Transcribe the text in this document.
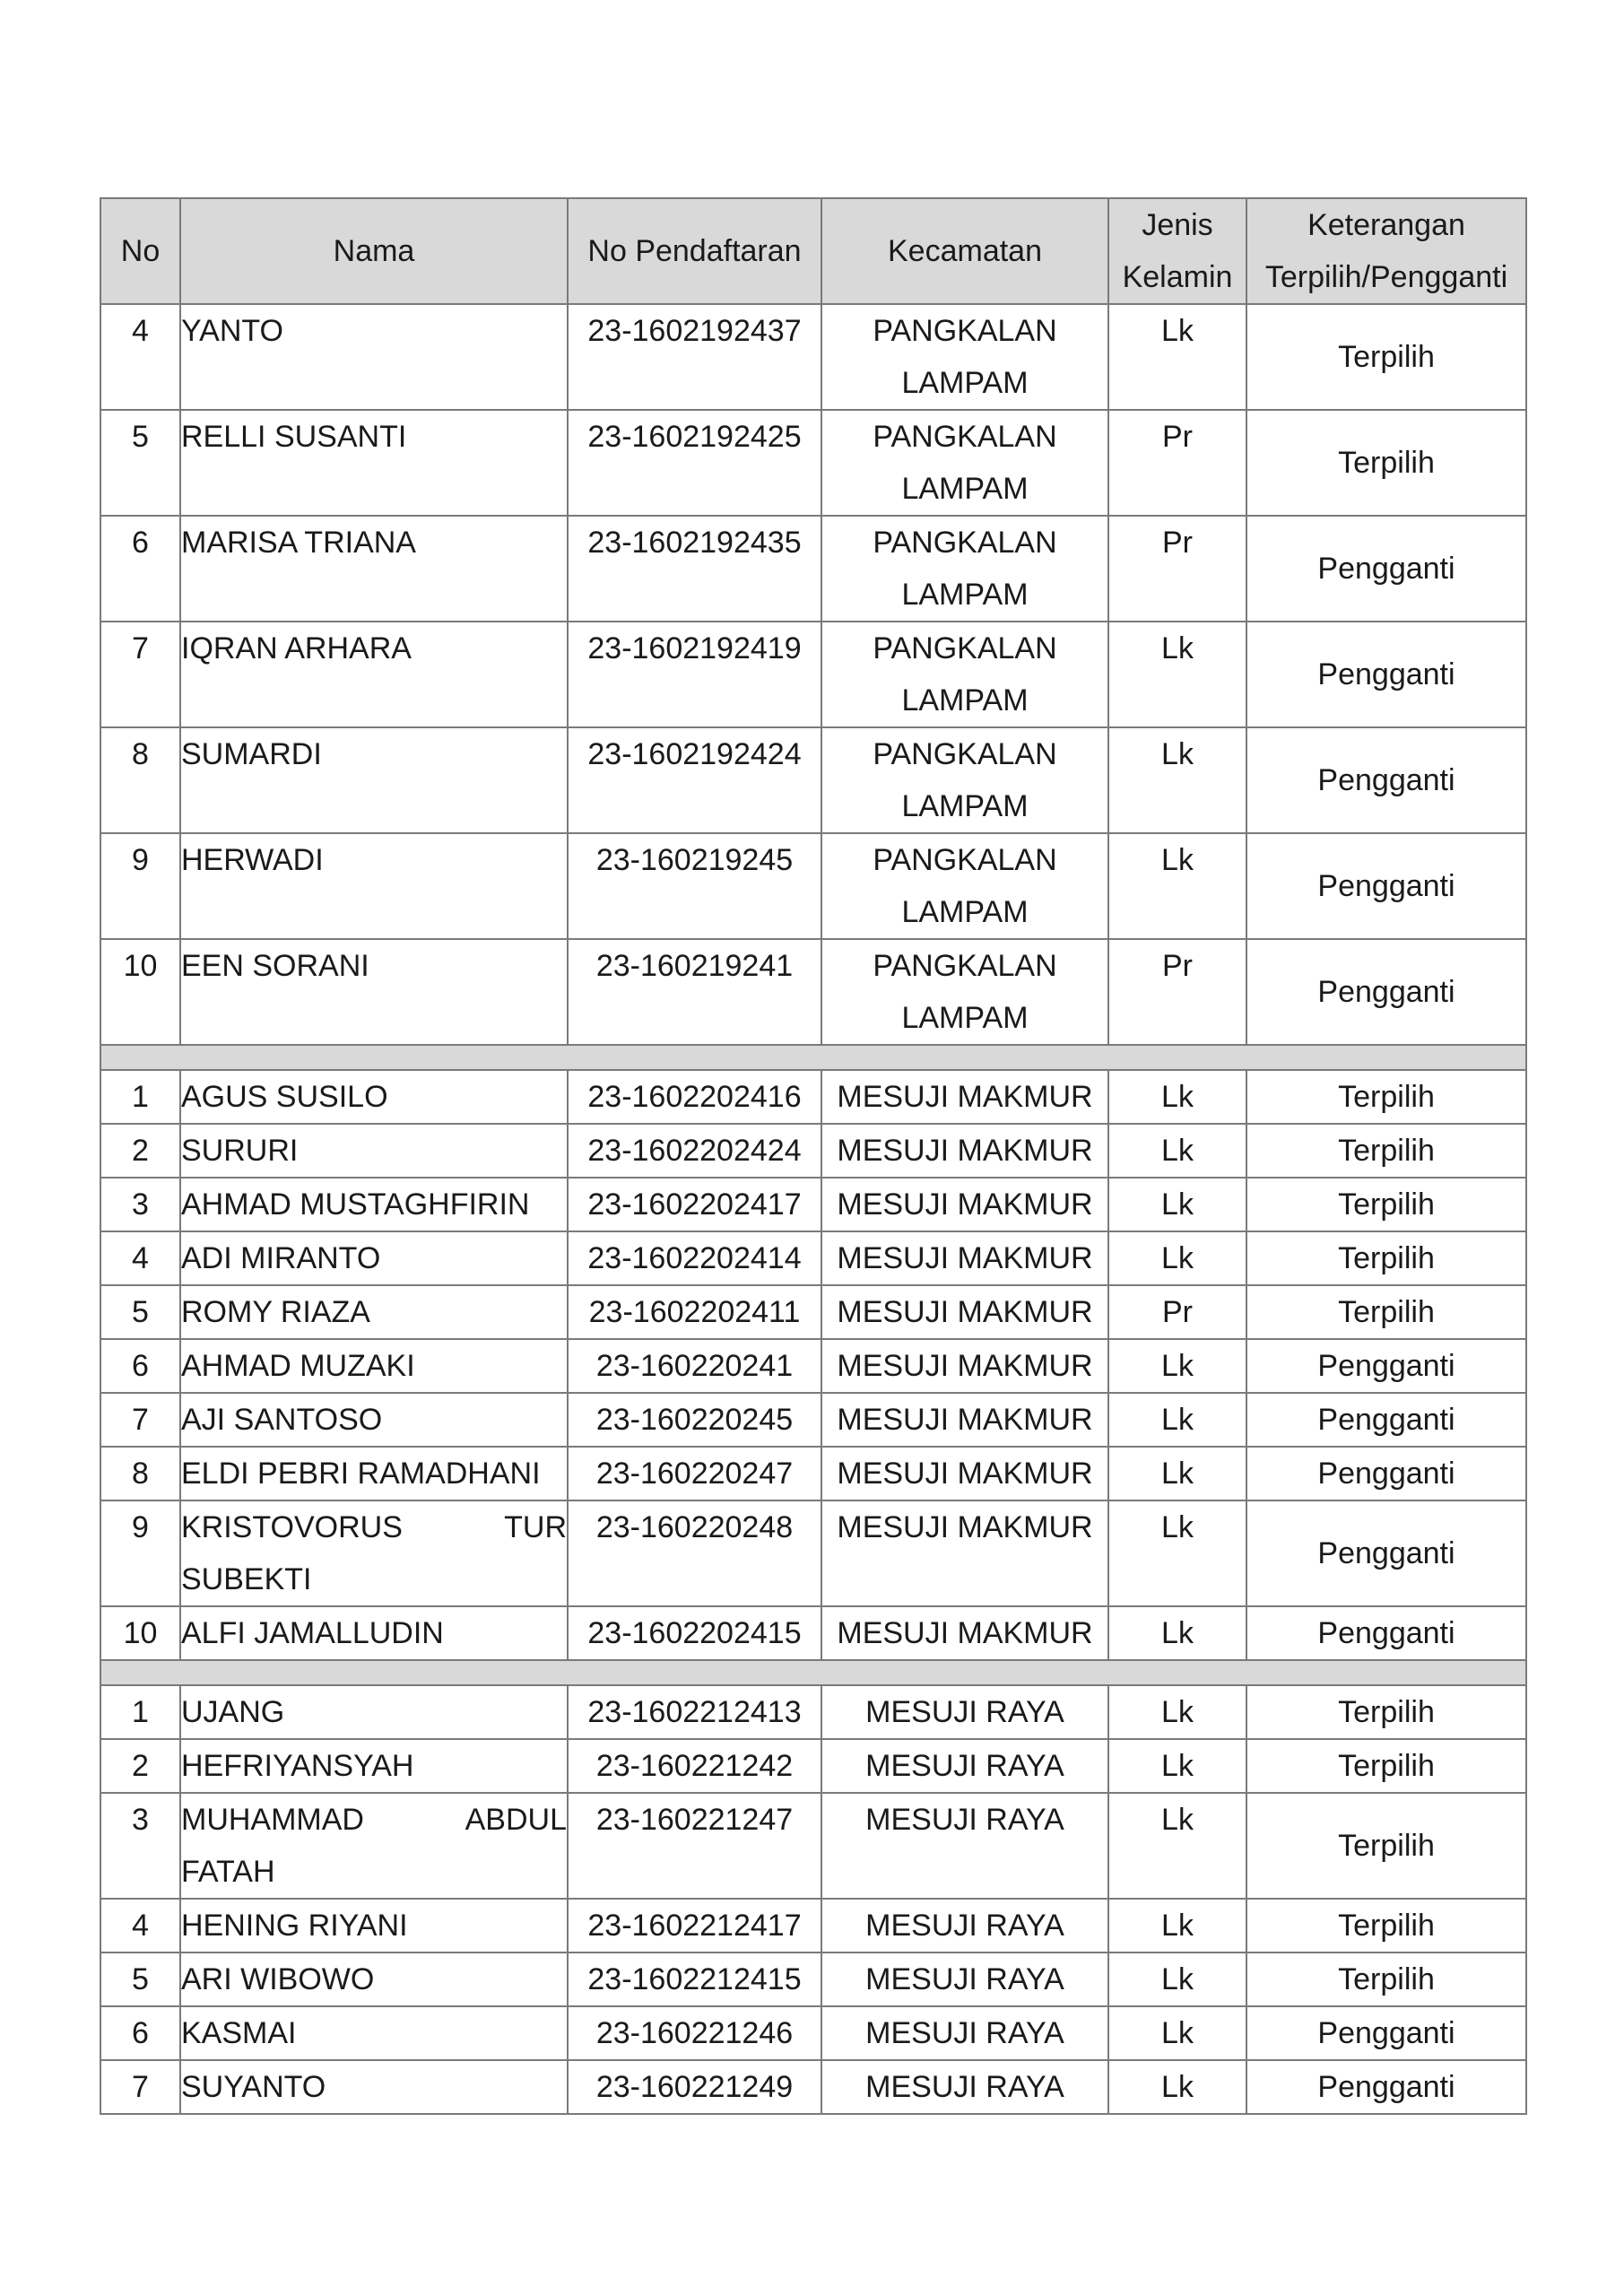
No	Nama	No Pendaftaran	Kecamatan	Jenis Kelamin	Keterangan Terpilih/Pengganti
4	YANTO	23-1602192437	PANGKALAN LAMPAM	Lk	Terpilih
5	RELLI SUSANTI	23-1602192425	PANGKALAN LAMPAM	Pr	Terpilih
6	MARISA TRIANA	23-1602192435	PANGKALAN LAMPAM	Pr	Pengganti
7	IQRAN ARHARA	23-1602192419	PANGKALAN LAMPAM	Lk	Pengganti
8	SUMARDI	23-1602192424	PANGKALAN LAMPAM	Lk	Pengganti
9	HERWADI	23-160219245	PANGKALAN LAMPAM	Lk	Pengganti
10	EEN SORANI	23-160219241	PANGKALAN LAMPAM	Pr	Pengganti

1	AGUS SUSILO	23-1602202416	MESUJI MAKMUR	Lk	Terpilih
2	SURURI	23-1602202424	MESUJI MAKMUR	Lk	Terpilih
3	AHMAD MUSTAGHFIRIN	23-1602202417	MESUJI MAKMUR	Lk	Terpilih
4	ADI MIRANTO	23-1602202414	MESUJI MAKMUR	Lk	Terpilih
5	ROMY RIAZA	23-1602202411	MESUJI MAKMUR	Pr	Terpilih
6	AHMAD MUZAKI	23-160220241	MESUJI MAKMUR	Lk	Pengganti
7	AJI SANTOSO	23-160220245	MESUJI MAKMUR	Lk	Pengganti
8	ELDI PEBRI RAMADHANI	23-160220247	MESUJI MAKMUR	Lk	Pengganti
9	KRISTOVORUS TUR SUBEKTI	23-160220248	MESUJI MAKMUR	Lk	Pengganti
10	ALFI JAMALLUDIN	23-1602202415	MESUJI MAKMUR	Lk	Pengganti

1	UJANG	23-1602212413	MESUJI RAYA	Lk	Terpilih
2	HEFRIYANSYAH	23-160221242	MESUJI RAYA	Lk	Terpilih
3	MUHAMMAD ABDUL FATAH	23-160221247	MESUJI RAYA	Lk	Terpilih
4	HENING RIYANI	23-1602212417	MESUJI RAYA	Lk	Terpilih
5	ARI WIBOWO	23-1602212415	MESUJI RAYA	Lk	Terpilih
6	KASMAI	23-160221246	MESUJI RAYA	Lk	Pengganti
7	SUYANTO	23-160221249	MESUJI RAYA	Lk	Pengganti
